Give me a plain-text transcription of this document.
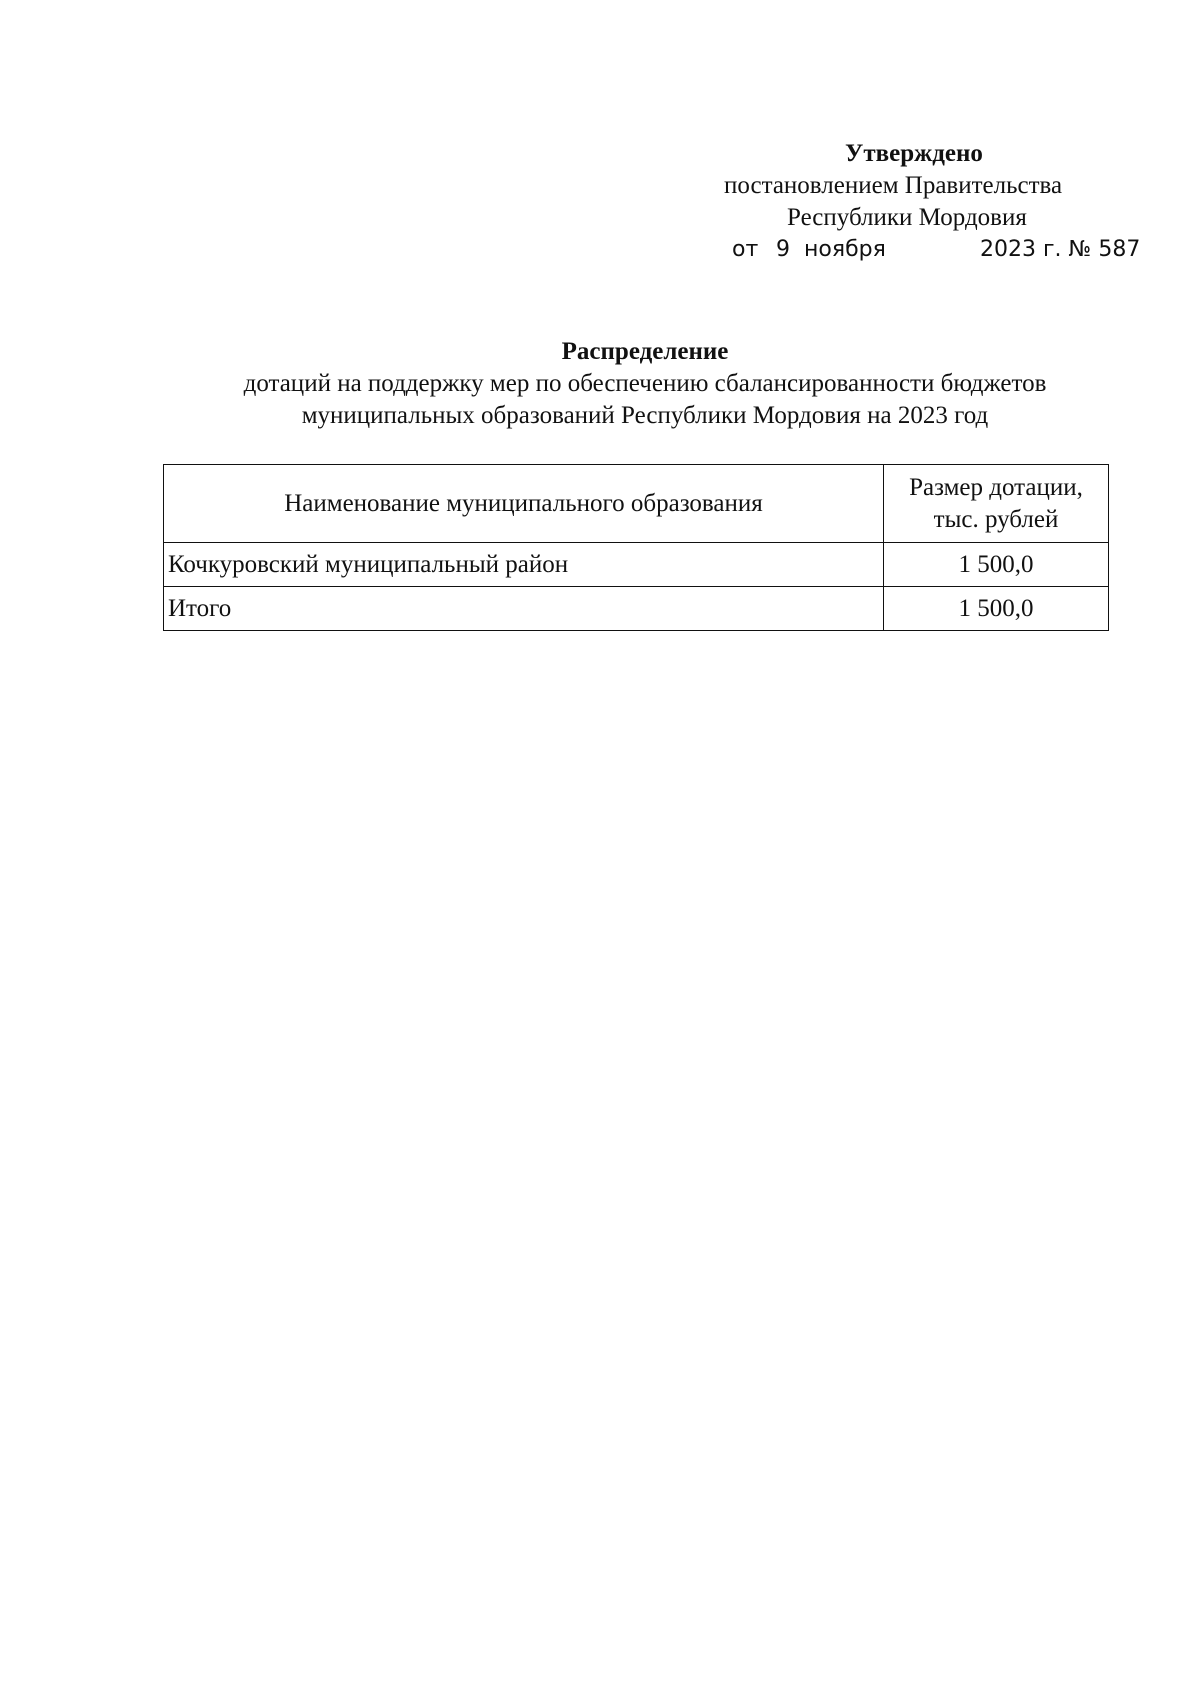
Утверждено
постановлением Правительства
Республики Мордовия
от 9 ноября	2023 г. № 587
Распределение
дотаций на поддержку мер по обеспечению сбалансированности бюджетов
муниципальных образований Республики Мордовия на 2023 год
Наименование муниципального образования	Размер дотации,
тыс. рублей

Кочкуровский муниципальный район	1 500,0
Итого	1 500,0
